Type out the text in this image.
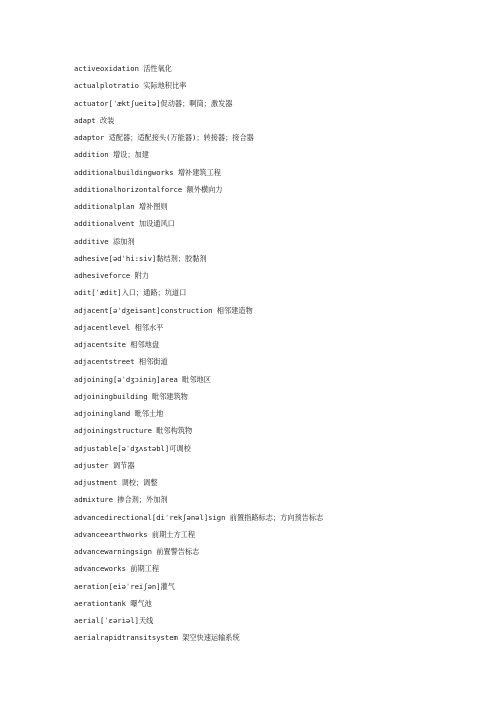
activeoxidation 活性氧化
actualplotratio 实际地积比率
actuator[ˈæktʃueitə]促动器；啊筒；激发器
adapt 改装
adaptor 适配器；适配接头(万能器)；转接器；接合器
addition 增设；加建
additionalbuildingworks 增补建筑工程
additionalhorizontalforce 额外横向力
additionalplan 增补图则
additionalvent 加设通风口
additive 添加剂
adhesive[ədˈhi:siv]黏结剂；胶黏剂
adhesiveforce 附力
adit[ˈædit]入口；通路；坑道口
adjacent[əˈdʒeisənt]construction 相邻建造物
adjacentlevel 相邻水平
adjacentsite 相邻地盘
adjacentstreet 相邻街道
adjoining[əˈdʒɔiniŋ]area 毗邻地区
adjoiningbuilding 毗邻建筑物
adjoiningland 毗邻土地
adjoiningstructure 毗邻构筑物
adjustable[əˈdʒʌstəbl]可调校
adjuster 调节器
adjustment 调校；调整
admixture 掺合剂；外加剂
advancedirectional[diˈrekʃənəl]sign 前置指路标志；方向预告标志
advanceearthworks 前期土方工程
advancewarningsign 前置警告标志
advanceworks 前期工程
aeration[eiəˈreiʃən]灌气
aerationtank 曝气池
aerial[ˈɛəriəl]天线
aerialrapidtransitsystem 架空快速运输系统
